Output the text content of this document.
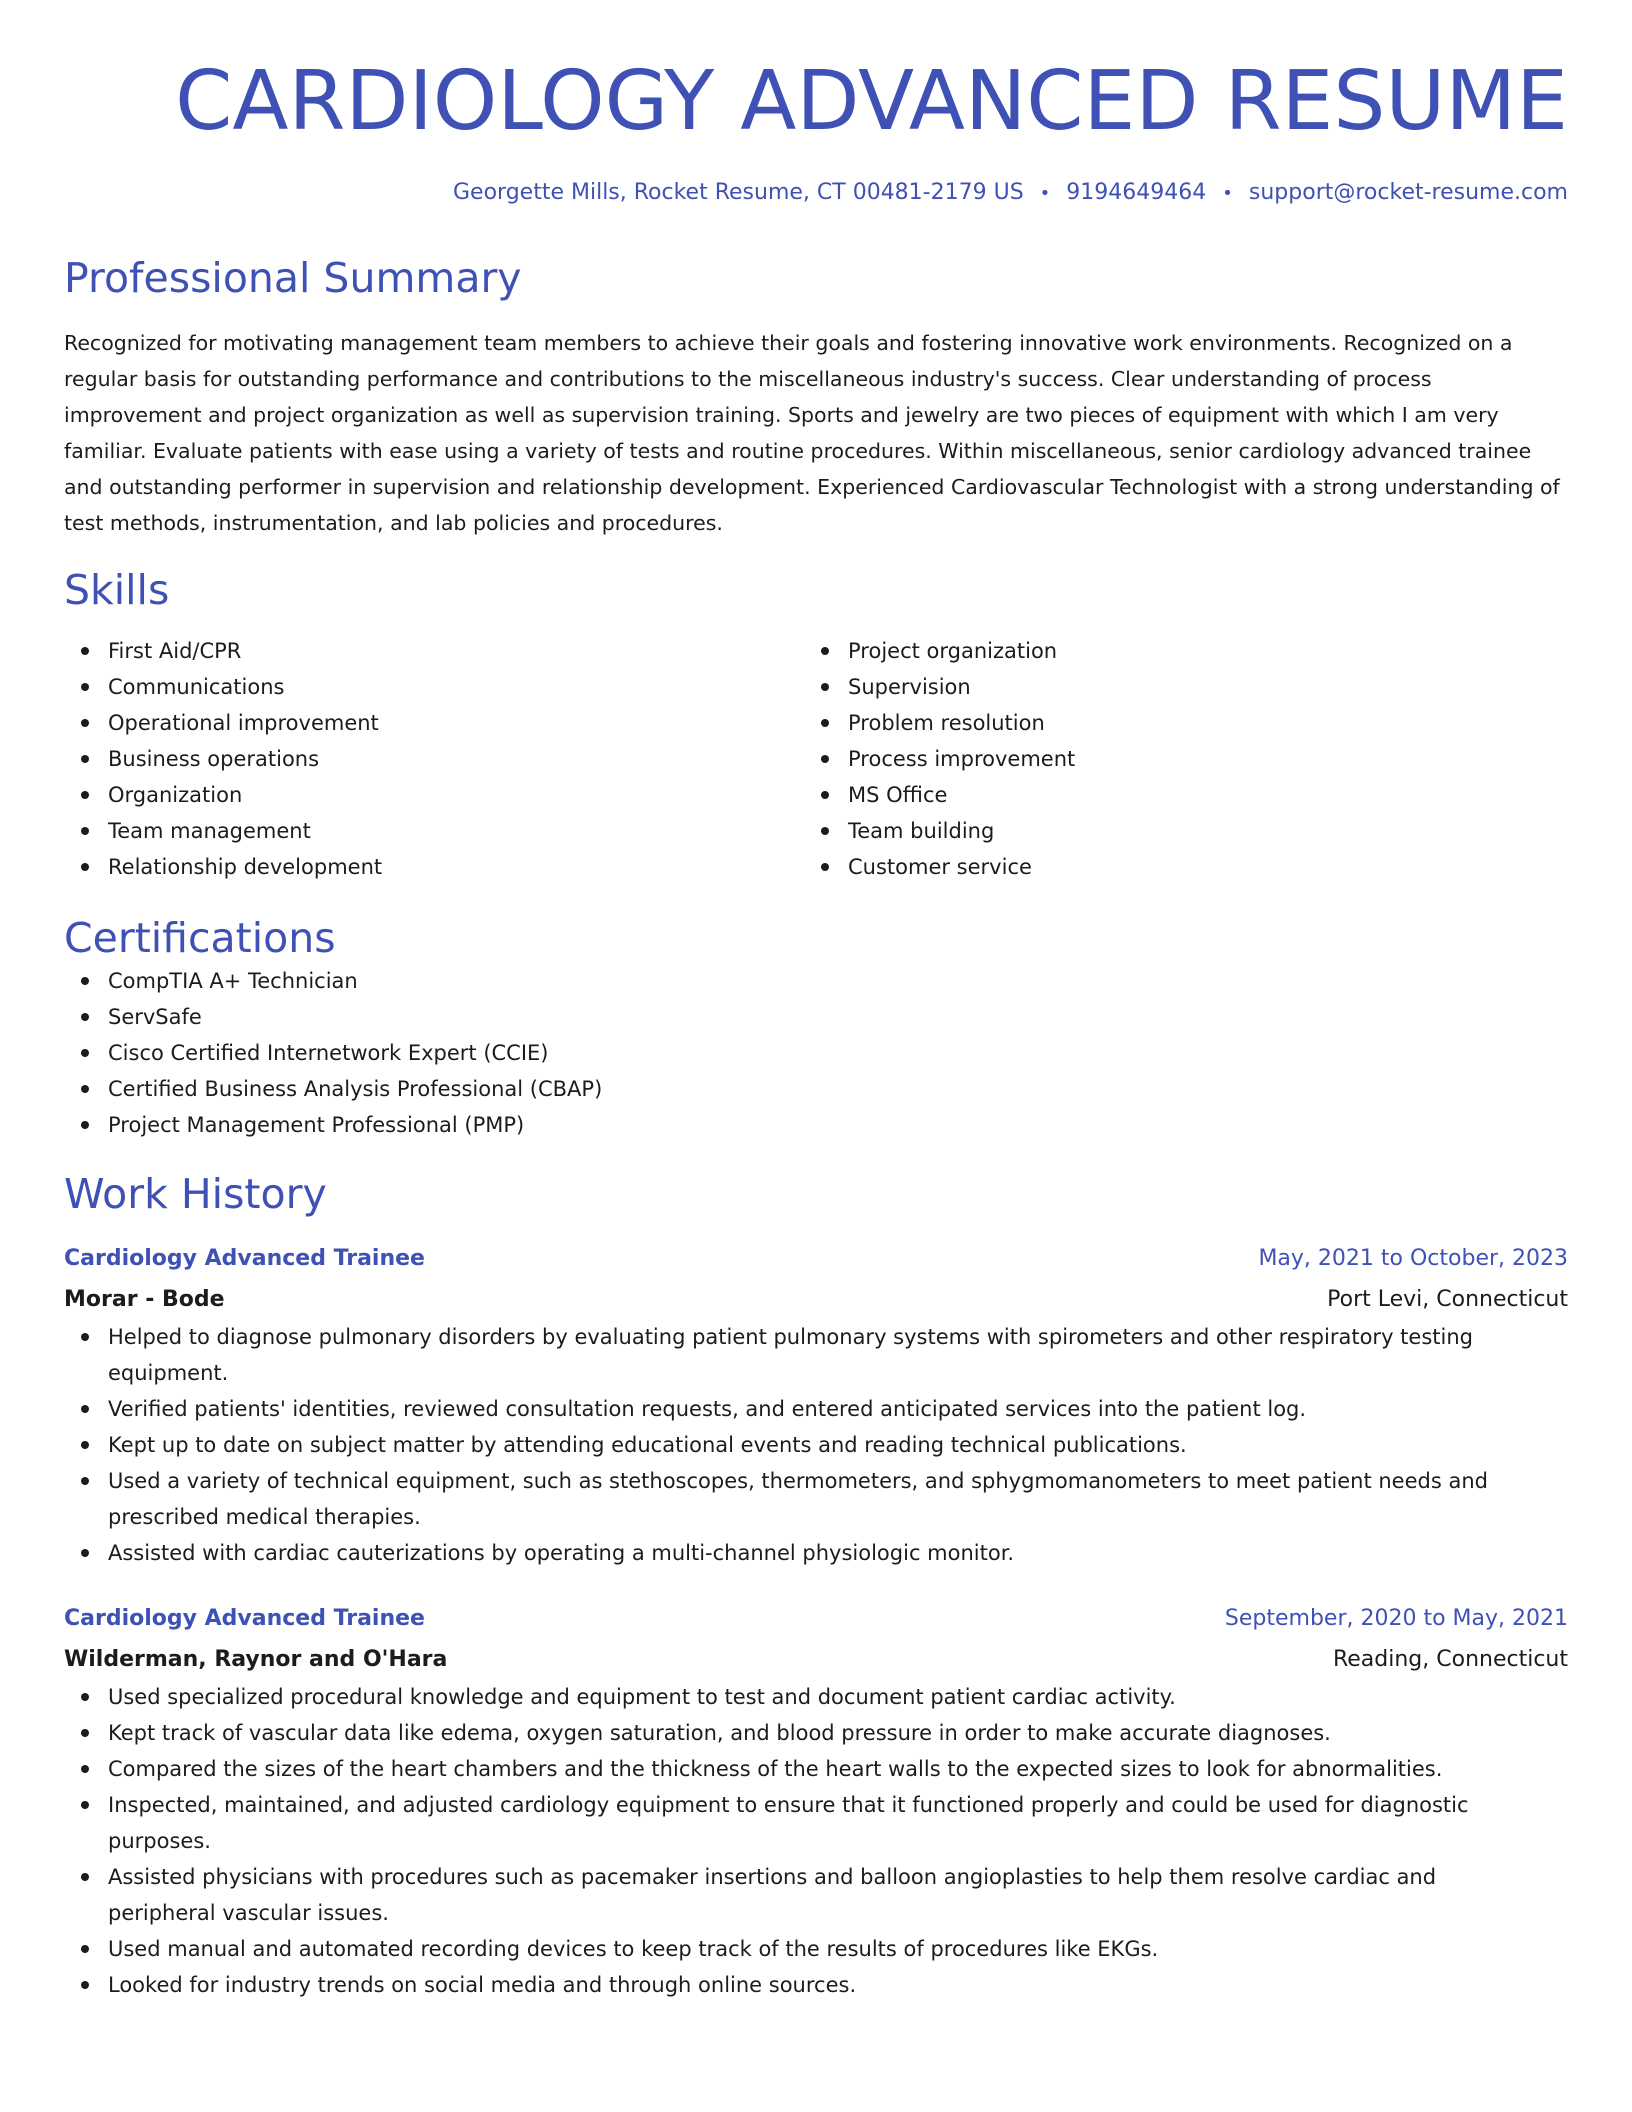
CARDIOLOGY ADVANCED RESUME
Georgette Mills, Rocket Resume, CT 00481-2179 US • 9194649464 • support@rocket-resume.com
Professional Summary
Recognized for motivating management team members to achieve their goals and fostering innovative work environments. Recognized on a regular basis for outstanding performance and contributions to the miscellaneous industry's success. Clear understanding of process improvement and project organization as well as supervision training. Sports and jewelry are two pieces of equipment with which I am very familiar. Evaluate patients with ease using a variety of tests and routine procedures. Within miscellaneous, senior cardiology advanced trainee and outstanding performer in supervision and relationship development. Experienced Cardiovascular Technologist with a strong understanding of test methods, instrumentation, and lab policies and procedures.
Skills
First Aid/CPR
Communications
Operational improvement
Business operations
Organization
Team management
Relationship development
Project organization
Supervision
Problem resolution
Process improvement
MS Office
Team building
Customer service
Certifications
CompTIA A+ Technician
ServSafe
Cisco Certified Internetwork Expert (CCIE)
Certified Business Analysis Professional (CBAP)
Project Management Professional (PMP)
Work History
Cardiology Advanced Trainee	May, 2021 to October, 2023
Morar - Bode	Port Levi, Connecticut
Helped to diagnose pulmonary disorders by evaluating patient pulmonary systems with spirometers and other respiratory testing equipment.
Verified patients' identities, reviewed consultation requests, and entered anticipated services into the patient log.
Kept up to date on subject matter by attending educational events and reading technical publications.
Used a variety of technical equipment, such as stethoscopes, thermometers, and sphygmomanometers to meet patient needs and prescribed medical therapies.
Assisted with cardiac cauterizations by operating a multi-channel physiologic monitor.
Cardiology Advanced Trainee	September, 2020 to May, 2021
Wilderman, Raynor and O'Hara	Reading, Connecticut
Used specialized procedural knowledge and equipment to test and document patient cardiac activity.
Kept track of vascular data like edema, oxygen saturation, and blood pressure in order to make accurate diagnoses.
Compared the sizes of the heart chambers and the thickness of the heart walls to the expected sizes to look for abnormalities.
Inspected, maintained, and adjusted cardiology equipment to ensure that it functioned properly and could be used for diagnostic purposes.
Assisted physicians with procedures such as pacemaker insertions and balloon angioplasties to help them resolve cardiac and peripheral vascular issues.
Used manual and automated recording devices to keep track of the results of procedures like EKGs.
Looked for industry trends on social media and through online sources.
